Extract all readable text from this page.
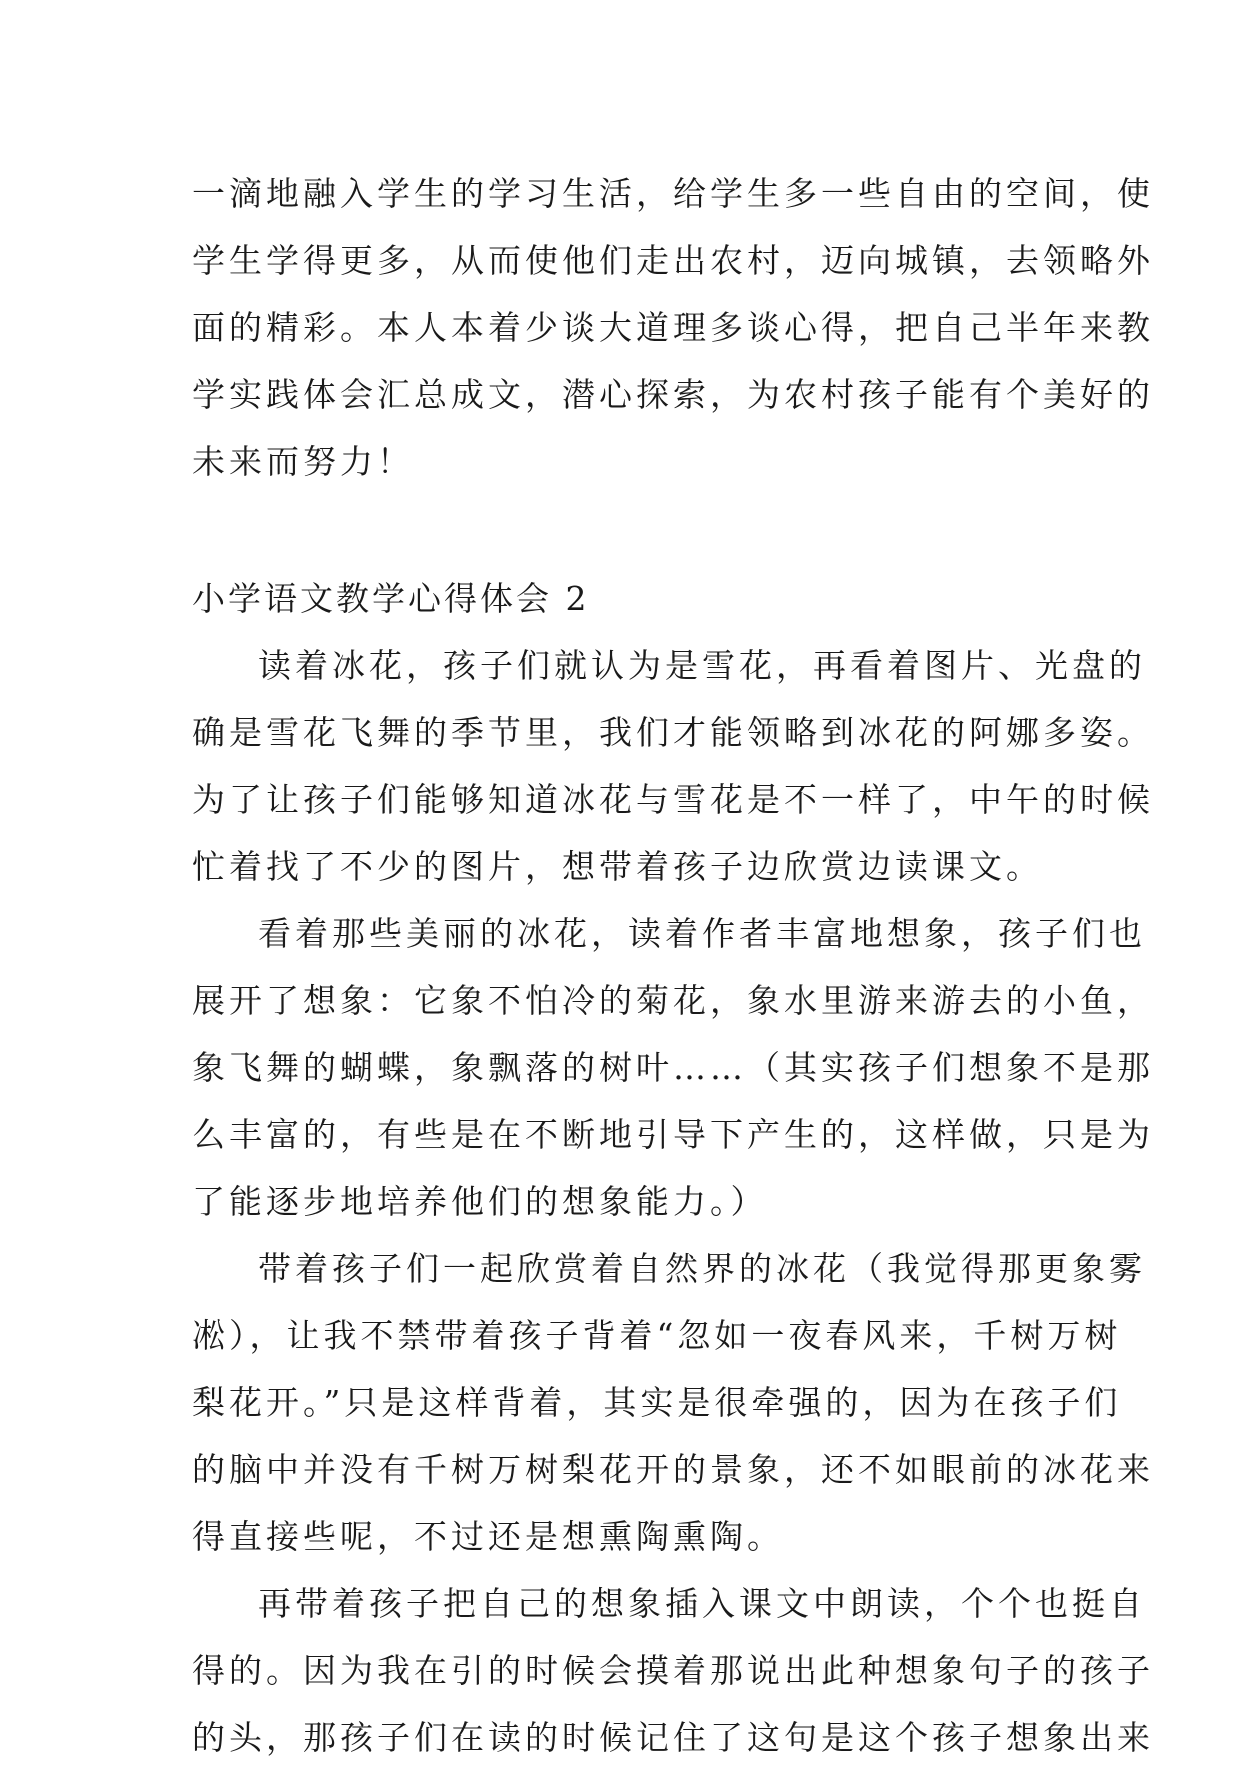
一滴地融入学生的学习生活，给学生多一些自由的空间，使
学生学得更多，从而使他们走出农村，迈向城镇，去领略外
面的精彩。本人本着少谈大道理多谈心得，把自己半年来教
学实践体会汇总成文，潜心探索，为农村孩子能有个美好的
未来而努力！
小学语文教学心得体会 2
读着冰花，孩子们就认为是雪花，再看着图片、光盘的
确是雪花飞舞的季节里，我们才能领略到冰花的阿娜多姿。
为了让孩子们能够知道冰花与雪花是不一样了，中午的时候
忙着找了不少的图片，想带着孩子边欣赏边读课文。
看着那些美丽的冰花，读着作者丰富地想象，孩子们也
展开了想象：它象不怕冷的菊花，象水里游来游去的小鱼，
象飞舞的蝴蝶，象飘落的树叶……（其实孩子们想象不是那
么丰富的，有些是在不断地引导下产生的，这样做，只是为
了能逐步地培养他们的想象能力。）
带着孩子们一起欣赏着自然界的冰花（我觉得那更象雾
凇），让我不禁带着孩子背着“忽如一夜春风来，千树万树
梨花开。”只是这样背着，其实是很牵强的，因为在孩子们
的脑中并没有千树万树梨花开的景象，还不如眼前的冰花来
得直接些呢，不过还是想熏陶熏陶。
再带着孩子把自己的想象插入课文中朗读，个个也挺自
得的。因为我在引的时候会摸着那说出此种想象句子的孩子
的头，那孩子们在读的时候记住了这句是这个孩子想象出来
